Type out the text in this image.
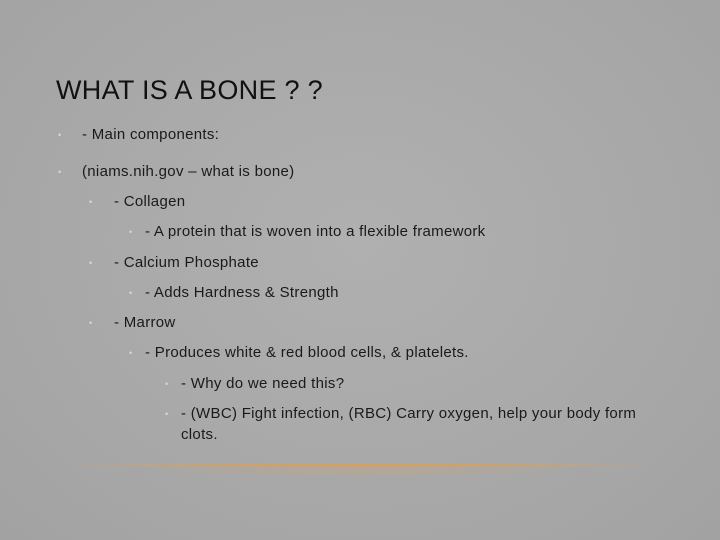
WHAT IS A BONE ? ?
• - Main components:
• (niams.nih.gov – what is bone)
• - Collagen
• - A protein that is woven into a flexible framework
• - Calcium Phosphate
• - Adds Hardness & Strength
• - Marrow
• - Produces white & red blood cells, & platelets.
• - Why do we need this?
• - (WBC) Fight infection, (RBC) Carry oxygen, help your body form clots.
